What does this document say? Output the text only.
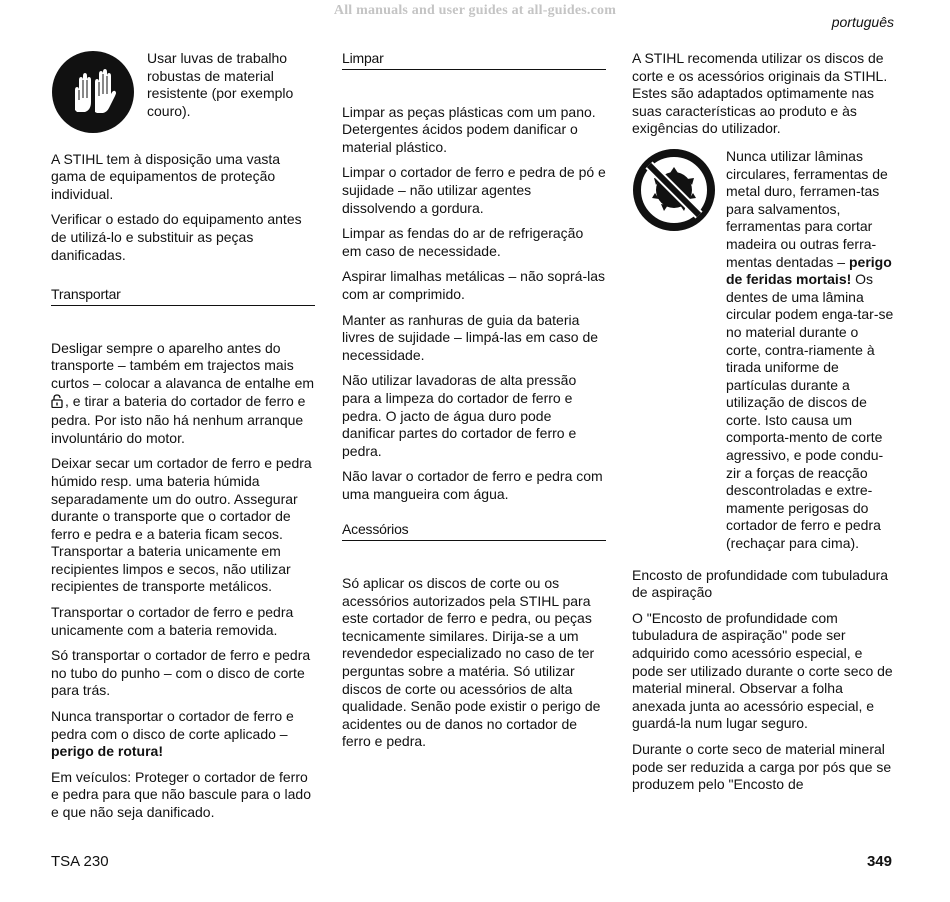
All manuals and user guides at all-guides.com
português
Usar luvas de trabalho robustas de material resistente (por exemplo couro).

A STIHL tem à disposição uma vasta gama de equipamentos de proteção individual.

Verificar o estado do equipamento antes de utilizá-lo e substituir as peças danificadas.

Transportar

Desligar sempre o aparelho antes do transporte – também em trajectos mais curtos – colocar a alavanca de entalhe em , e tirar a bateria do cortador de ferro e pedra. Por isto não há nenhum arranque involuntário do motor.

Deixar secar um cortador de ferro e pedra húmido resp. uma bateria húmida separadamente um do outro. Assegurar durante o transporte que o cortador de ferro e pedra e a bateria ficam secos. Transportar a bateria unicamente em recipientes limpos e secos, não utilizar recipientes de transporte metálicos.

Transportar o cortador de ferro e pedra unicamente com a bateria removida.

Só transportar o cortador de ferro e pedra no tubo do punho – com o disco de corte para trás.

Nunca transportar o cortador de ferro e pedra com o disco de corte aplicado – perigo de rotura!

Em veículos: Proteger o cortador de ferro e pedra para que não bascule para o lado e que não seja danificado.

Limpar

Limpar as peças plásticas com um pano. Detergentes ácidos podem danificar o material plástico.

Limpar o cortador de ferro e pedra de pó e sujidade – não utilizar agentes dissolvendo a gordura.

Limpar as fendas do ar de refrigeração em caso de necessidade.

Aspirar limalhas metálicas – não soprá-las com ar comprimido.

Manter as ranhuras de guia da bateria livres de sujidade – limpá-las em caso de necessidade.

Não utilizar lavadoras de alta pressão para a limpeza do cortador de ferro e pedra. O jacto de água duro pode danificar partes do cortador de ferro e pedra.

Não lavar o cortador de ferro e pedra com uma mangueira com água.

Acessórios

Só aplicar os discos de corte ou os acessórios autorizados pela STIHL para este cortador de ferro e pedra, ou peças tecnicamente similares. Dirija-se a um revendedor especializado no caso de ter perguntas sobre a matéria. Só utilizar discos de corte ou acessórios de alta qualidade. Senão pode existir o perigo de acidentes ou de danos no cortador de ferro e pedra.

A STIHL recomenda utilizar os discos de corte e os acessórios originais da STIHL. Estes são adaptados optimamente nas suas características ao produto e às exigências do utilizador.

Nunca utilizar lâminas circulares, ferramentas de metal duro, ferramen-tas para salvamentos, ferramentas para cortar madeira ou outras ferra-mentas dentadas – perigo de feridas mortais! Os dentes de uma lâmina circular podem enga-tar-se no material durante o corte, contra-riamente à tirada uniforme de partículas durante a utilização de discos de corte. Isto causa um comporta-mento de corte agressivo, e pode condu-zir a forças de reacção descontroladas e extre-mamente perigosas do cortador de ferro e pedra (rechaçar para cima).

Encosto de profundidade com tubuladura de aspiração

O "Encosto de profundidade com tubuladura de aspiração" pode ser adquirido como acessório especial, e pode ser utilizado durante o corte seco de material mineral. Observar a folha anexada junta ao acessório especial, e guardá-la num lugar seguro.

Durante o corte seco de material mineral pode ser reduzida a carga por pós que se produzem pelo "Encosto de

TSA 230	349
